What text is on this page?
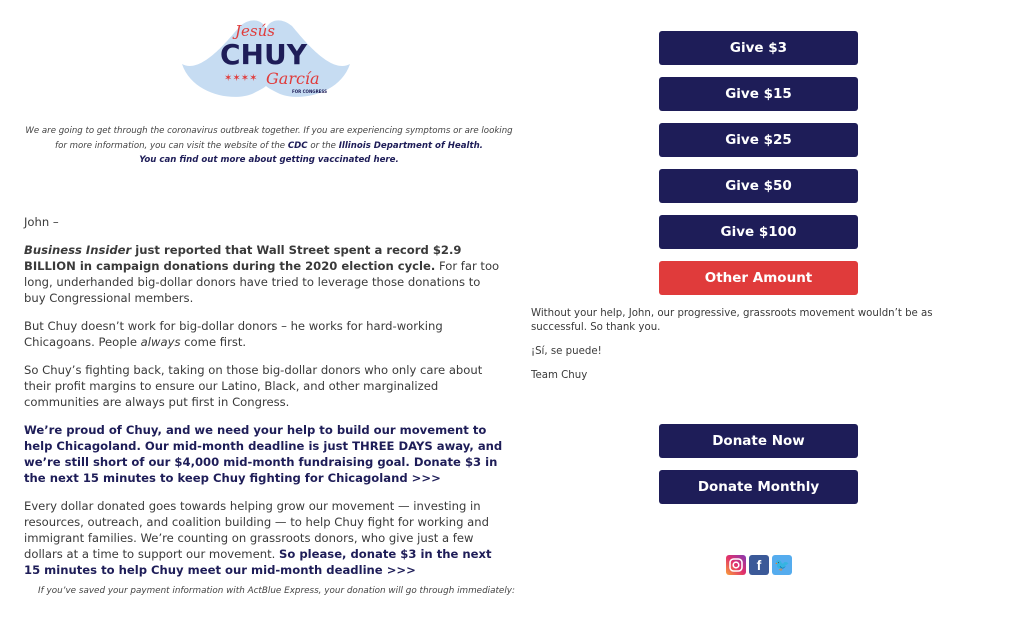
Jesús
CHUY
✶✶✶✶ García
FOR CONGRESS
We are going to get through the coronavirus outbreak together. If you are experiencing symptoms or are looking for more information, you can visit the website of the CDC or the Illinois Department of Health.
You can find out more about getting vaccinated here.

John –

Business Insider just reported that Wall Street spent a record $2.9 BILLION in campaign donations during the 2020 election cycle. For far too long, underhanded big-dollar donors have tried to leverage those donations to buy Congressional members.

But Chuy doesn’t work for big-dollar donors – he works for hard-working Chicagoans. People always come first.

So Chuy’s fighting back, taking on those big-dollar donors who only care about their profit margins to ensure our Latino, Black, and other marginalized communities are always put first in Congress.

We’re proud of Chuy, and we need your help to build our movement to help Chicagoland. Our mid-month deadline is just THREE DAYS away, and we’re still short of our $4,000 mid-month fundraising goal. Donate $3 in the next 15 minutes to keep Chuy fighting for Chicagoland >>>

Every dollar donated goes towards helping grow our movement — investing in resources, outreach, and coalition building — to help Chuy fight for working and immigrant families. We’re counting on grassroots donors, who give just a few dollars at a time to support our movement. So please, donate $3 in the next 15 minutes to help Chuy meet our mid-month deadline >>>

If you’ve saved your payment information with ActBlue Express, your donation will go through immediately:
Give $3
Give $15
Give $25
Give $50
Give $100
Other Amount

Without your help, John, our progressive, grassroots movement wouldn’t be as successful. So thank you.

¡Sí, se puede!

Team Chuy

Donate Now
Donate Monthly
f	🐦
